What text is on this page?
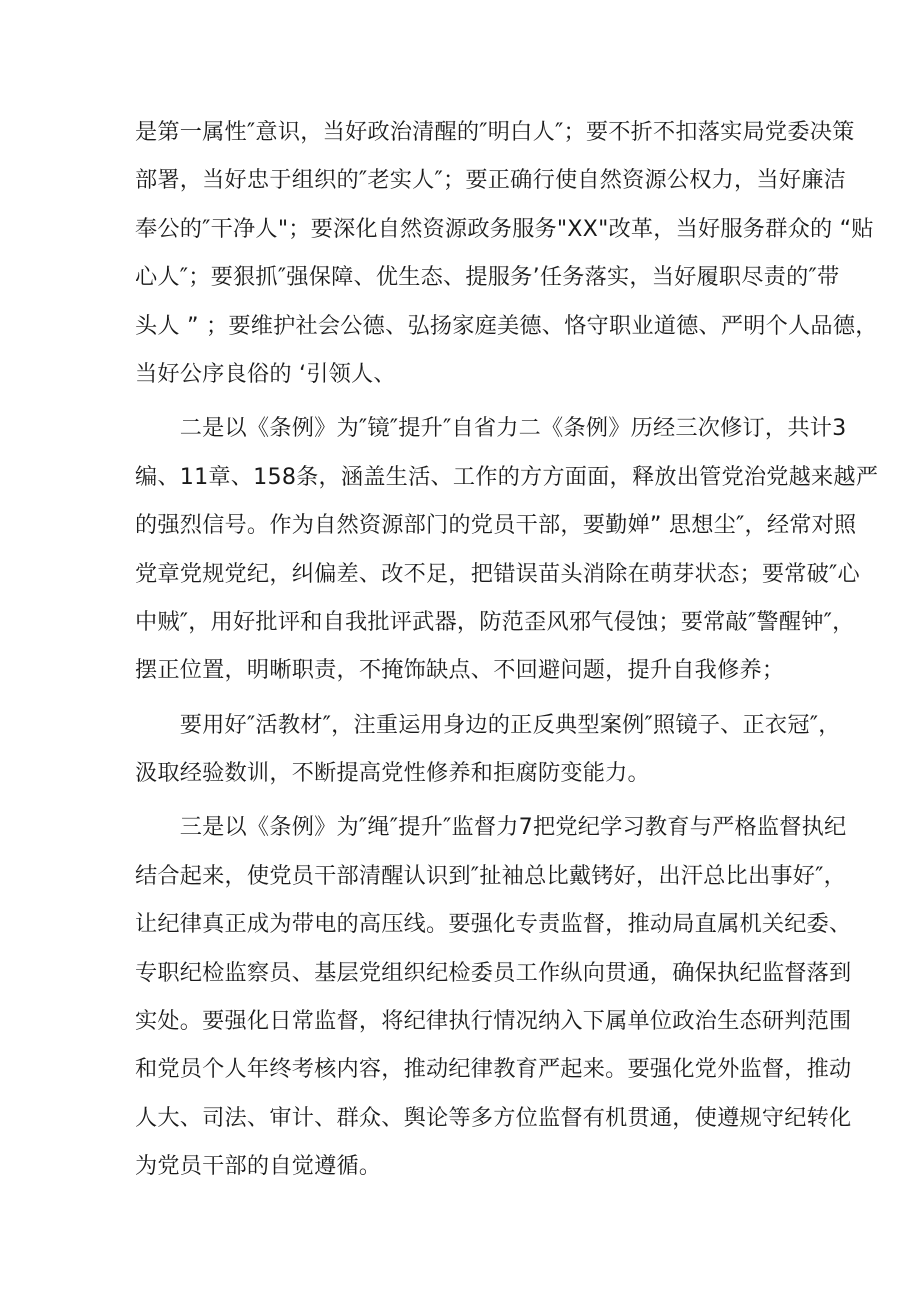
是第一属性″意识，当好政治清醒的″明白人″；要不折不扣落实局党委决策
部署，当好忠于组织的″老实人″；要正确行使自然资源公权力，当好廉洁
奉公的″干净人"；要深化自然资源政务服务"XX"改革，当好服务群众的 “贴
心人″；要狠抓″强保障、优生态、提服务’任务落实，当好履职尽责的″带
头人 ” ；要维护社会公德、弘扬家庭美德、恪守职业道德、严明个人品德，
当好公序良俗的 ‘引领人、
　　二是以《条例》为″镜″提升″自省力二《条例》历经三次修订，共计3
编、11章、158条，涵盖生活、工作的方方面面，释放出管党治党越来越严
的强烈信号。作为自然资源部门的党员干部，要勤婵” 思想尘″，经常对照
党章党规党纪，纠偏差、改不足，把错误苗头消除在萌芽状态；要常破″心
中贼″，用好批评和自我批评武器，防范歪风邪气侵蚀；要常敲″警醒钟″，
摆正位置，明晰职责，不掩饰缺点、不回避问题，提升自我修养；
　　要用好″活教材″，注重运用身边的正反典型案例″照镜子、正衣冠″，
汲取经验数训，不断提高党性修养和拒腐防变能力。
　　三是以《条例》为″绳″提升″监督力7把党纪学习教育与严格监督执纪
结合起来，使党员干部清醒认识到″扯袖总比戴铐好，出汗总比出事好″，
让纪律真正成为带电的高压线。要强化专责监督，推动局直属机关纪委、
专职纪检监察员、基层党组织纪检委员工作纵向贯通，确保执纪监督落到
实处。要强化日常监督，将纪律执行情况纳入下属单位政治生态研判范围
和党员个人年终考核内容，推动纪律教育严起来。要强化党外监督，推动
人大、司法、审计、群众、舆论等多方位监督有机贯通，使遵规守纪转化
为党员干部的自觉遵循。
